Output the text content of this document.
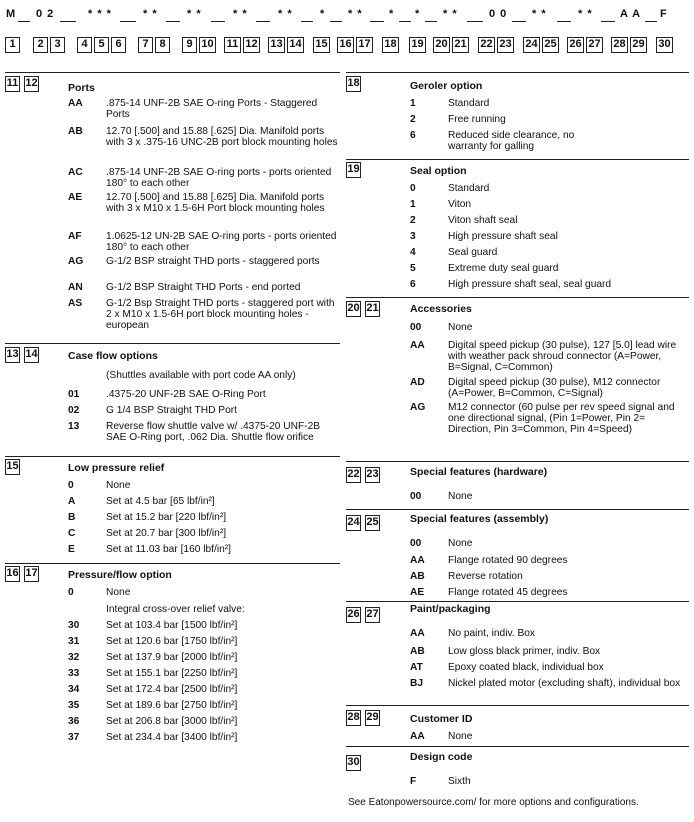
M 0 2	* * *	* *	* *	* *	* * * * * * * * *	0 0 * *	* * A A F
1	2 3	4 5 6	7 8	9 10 11 12 13 14 15 16 17 18 19 20 21 22 23 24 25 26 27 28 29 30
11 12	Ports
AA	.875-14 UNF-2B SAE O-ring Ports - Staggered Ports
AB	12.70 [.500] and 15.88 [.625] Dia. Manifold ports with 3 x .375-16 UNC-2B port block mounting holes
AC	.875-14 UNF-2B SAE O-ring ports - ports oriented 180° to each other
AE	12.70 [.500] and 15.88 [.625] Dia. Manifold ports with 3 x M10 x 1.5-6H Port block mounting holes
AF	1.0625-12 UN-2B SAE O-ring ports - ports oriented 180° to each other
AG	G-1/2 BSP straight THD ports - staggered ports
AN	G-1/2 BSP Straight THD Ports - end ported
AS	G-1/2 Bsp Straight THD ports - staggered port with 2 x M10 x 1.5-6H port block mounting holes - european
13 14	Case flow options
(Shuttles available with port code AA only)
01	.4375-20 UNF-2B SAE O-Ring Port
02	G 1/4 BSP Straight THD Port
13	Reverse flow shuttle valve w/ .4375-20 UNF-2B SAE O-Ring port, .062 Dia. Shuttle flow orifice
15	Low pressure relief
0	None
A	Set at 4.5 bar [65 lbf/in²]
B	Set at 15.2 bar [220 lbf/in²]
C	Set at 20.7 bar [300 lbf/in²]
E	Set at 11.03 bar [160 lbf/in²]
16 17	Pressure/flow option
0	None
Integral cross-over relief valve:
30	Set at 103.4 bar [1500 lbf/in²]
31	Set at 120.6 bar [1750 lbf/in²]
32	Set at 137.9 bar [2000 lbf/in²]
33	Set at 155.1 bar [2250 lbf/in²]
34	Set at 172.4 bar [2500 lbf/in²]
35	Set at 189.6 bar [2750 lbf/in²]
36	Set at 206.8 bar [3000 lbf/in²]
37	Set at 234.4 bar [3400 lbf/in²]
18	Geroler option
1	Standard
2	Free running
6	Reduced side clearance, no warranty for galling
19	Seal option
0	Standard
1	Viton
2	Viton shaft seal
3	High pressure shaft seal
4	Seal guard
5	Extreme duty seal guard
6	High pressure shaft seal, seal guard
20 21	Accessories
00	None
AA	Digital speed pickup (30 pulse), 127 [5.0] lead wire with weather pack shroud connector (A=Power, B=Signal, C=Common)
AD	Digital speed pickup (30 pulse), M12 connector (A=Power, B=Common, C=Signal)
AG	M12 connector (60 pulse per rev speed signal and one directional signal, (Pin 1=Power, Pin 2= Direction, Pin 3=Common, Pin 4=Speed)
22 23	Special features (hardware)
00	None
24 25	Special features (assembly)
00	None
AA	Flange rotated 90 degrees
AB	Reverse rotation
AE	Flange rotated 45 degrees
26 27	Paint/packaging
AA	No paint, indiv. Box
AB	Low gloss black primer, indiv. Box
AT	Epoxy coated black, individual box
BJ	Nickel plated motor (excluding shaft), individual box
28 29	Customer ID
AA	None
30	Design code
F	Sixth
See Eatonpowersource.com/ for more options and configurations.
